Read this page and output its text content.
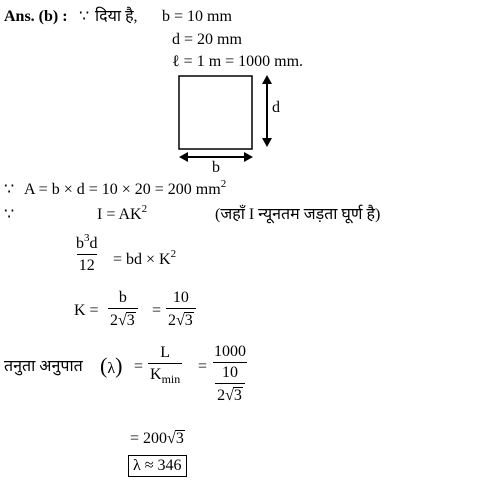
Ans. (b) : ∵ दिया है, b = 10 mm
d = 20 mm
ℓ = 1 m = 1000 mm.
d
b
∵ A = b × d = 10 × 20 = 200 $mm^2$
∵	$I = AK^2$	(जहाँ I न्यूनतम जड़ता घूर्ण है)
$\frac{b^3d}{12}$ = bd × $K^2$
$K = \frac{b}{2√3} = \frac{10}{2√3}$
तनुता अनुपात (λ) =
L
$K_{min}$
= $\frac{1000}{\frac{10}{2√3}}$
= 200√3
λ ≈ 346
